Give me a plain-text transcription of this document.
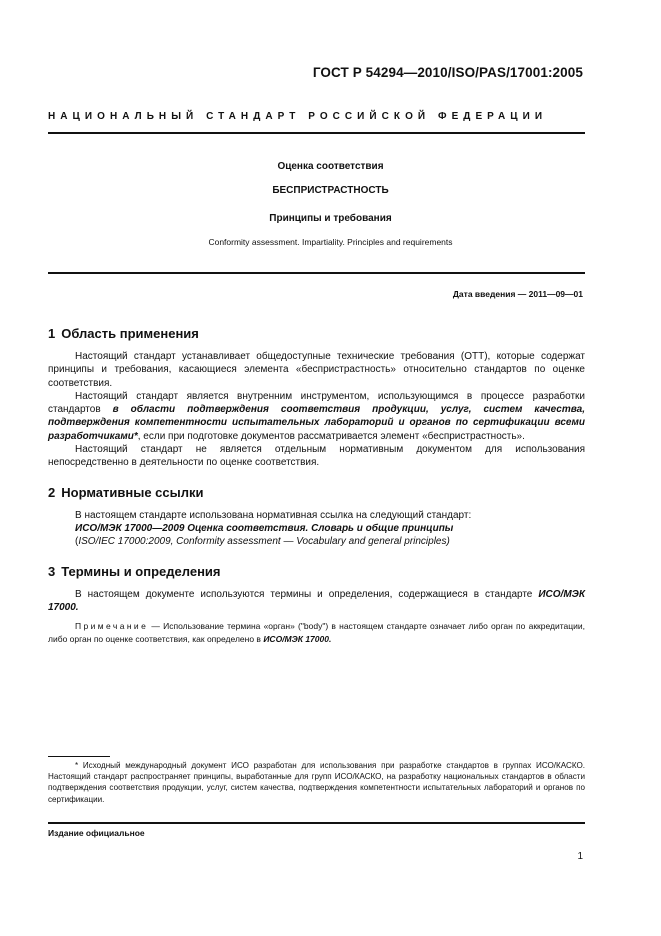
ГОСТ Р 54294—2010/ISO/PAS/17001:2005
НАЦИОНАЛЬНЫЙ СТАНДАРТ РОССИЙСКОЙ ФЕДЕРАЦИИ
Оценка соответствия
БЕСПРИСТРАСТНОСТЬ
Принципы и требования
Conformity assessment. Impartiality. Principles and requirements
Дата введения — 2011—09—01
1 Область применения

Настоящий стандарт устанавливает общедоступные технические требования (ОТТ), которые содержат принципы и требования, касающиеся элемента «беспристрастность» относительно стандартов по оценке соответствия.

Настоящий стандарт является внутренним инструментом, использующимся в процессе разработки стандартов в области подтверждения соответствия продукции, услуг, систем качества, подтверждения компетентности испытательных лабораторий и органов по сертификации всеми разработчиками*, если при подготовке документов рассматривается элемент «беспристрастность».

Настоящий стандарт не является отдельным нормативным документом для использования непосредственно в деятельности по оценке соответствия.

2 Нормативные ссылки

В настоящем стандарте использована нормативная ссылка на следующий стандарт:

ИСО/МЭК 17000—2009 Оценка соответствия. Словарь и общие принципы

(ISO/IEC 17000:2009, Conformity assessment — Vocabulary and general principles)

3 Термины и определения

В настоящем документе используются термины и определения, содержащиеся в стандарте ИСО/МЭК 17000.

Примечание — Использование термина «орган» ("body") в настоящем стандарте означает либо орган по аккредитации, либо орган по оценке соответствия, как определено в ИСО/МЭК 17000.

* Исходный международный документ ИСО разработан для использования при разработке стандартов в группах ИСО/КАСКО. Настоящий стандарт распространяет принципы, выработанные для групп ИСО/КАСКО, на разработку национальных стандартов в области подтверждения соответствия продукции, услуг, систем качества, подтверждения компетентности испытательных лабораторий и органов по сертификации.
Издание официальное
1
